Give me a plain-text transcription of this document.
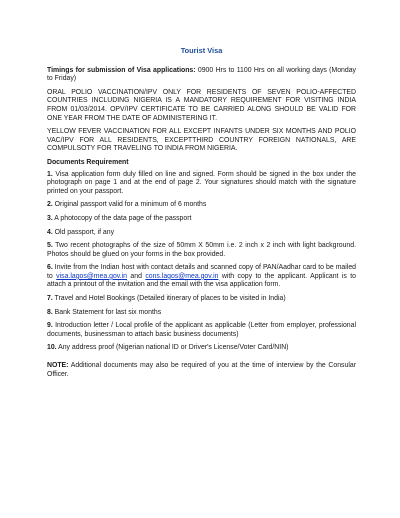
Tourist Visa

Timings for submission of Visa applications: 0900 Hrs to 1100 Hrs on all working days (Monday to Friday)

ORAL POLIO VACCINATION/IPV ONLY FOR RESIDENTS OF SEVEN POLIO-AFFECTED COUNTRIES INCLUDING NIGERIA IS A MANDATORY REQUIREMENT FOR VISITING INDIA FROM 01/03/2014. OPV/IPV CERTIFICATE TO BE CARRIED ALONG SHOULD BE VALID FOR ONE YEAR FROM THE DATE OF ADMINISTERING IT.

YELLOW FEVER VACCINATION FOR ALL EXCEPT INFANTS UNDER SIX MONTHS AND POLIO VAC/IPV FOR ALL RESIDENTS, EXCEPTTHIRD COUNTRY FOREIGN NATIONALS, ARE COMPULSOTY FOR TRAVELING TO INDIA FROM NIGERIA.

Documents Requirement

1. Visa application form duly filled on line and signed. Form should be signed in the box under the photograph on page 1 and at the end of page 2. Your signatures should match with the signature printed on your passport.

2. Original passport valid for a minimum of 6 months

3. A photocopy of the data page of the passport

4. Old passport, if any

5. Two recent photographs of the size of 50mm X 50mm i.e. 2 inch x 2 inch with light background. Photos should be glued on your forms in the box provided.

6. Invite from the Indian host with contact details and scanned copy of PAN/Aadhar card to be mailed to visa.lagos@mea.gov.in and cons.lagos@mea.gov.in with copy to the applicant. Applicant is to attach a printout of the invitation and the email with the visa application form.

7. Travel and Hotel Bookings (Detailed itinerary of places to be visited in India)

8. Bank Statement for last six months

9. Introduction letter / Local profile of the applicant as applicable (Letter from employer, professional documents, businessman to attach basic business documents)

10. Any address proof (Nigerian national ID or Driver's License/Voter Card/NIN)

NOTE: Additional documents may also be required of you at the time of interview by the Consular Officer.
